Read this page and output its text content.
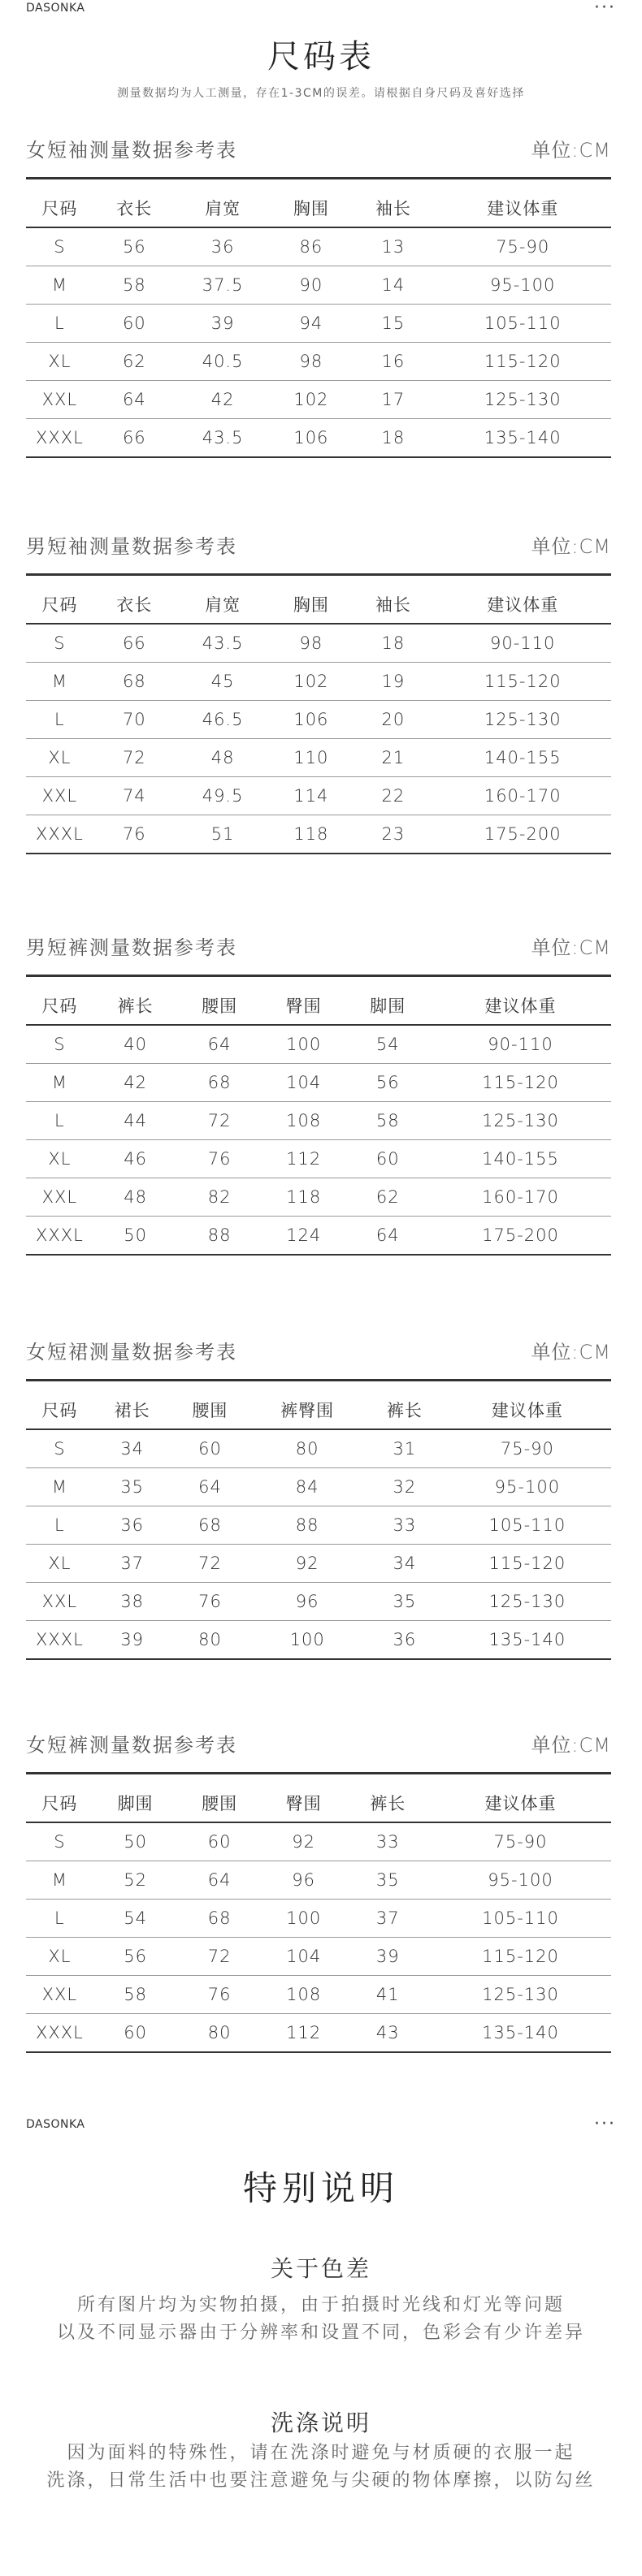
DASONKA	···
尺码表
测量数据均为人工测量，存在1-3CM的误差。请根据自身尺码及喜好选择
女短袖测量数据参考表	单位:CM
尺码	衣长	肩宽	胸围	袖长	建议体重
S	56	36	86	13	75-90
M	58	37.5	90	14	95-100
L	60	39	94	15	105-110
XL	62	40.5	98	16	115-120
XXL	64	42	102	17	125-130
XXXL	66	43.5	106	18	135-140
男短袖测量数据参考表	单位:CM
尺码	衣长	肩宽	胸围	袖长	建议体重
S	66	43.5	98	18	90-110
M	68	45	102	19	115-120
L	70	46.5	106	20	125-130
XL	72	48	110	21	140-155
XXL	74	49.5	114	22	160-170
XXXL	76	51	118	23	175-200
男短裤测量数据参考表	单位:CM
尺码	裤长	腰围	臀围	脚围	建议体重
S	40	64	100	54	90-110
M	42	68	104	56	115-120
L	44	72	108	58	125-130
XL	46	76	112	60	140-155
XXL	48	82	118	62	160-170
XXXL	50	88	124	64	175-200
女短裙测量数据参考表	单位:CM
尺码	裙长	腰围	裤臀围	裤长	建议体重
S	34	60	80	31	75-90
M	35	64	84	32	95-100
L	36	68	88	33	105-110
XL	37	72	92	34	115-120
XXL	38	76	96	35	125-130
XXXL	39	80	100	36	135-140
女短裤测量数据参考表	单位:CM
尺码	脚围	腰围	臀围	裤长	建议体重
S	50	60	92	33	75-90
M	52	64	96	35	95-100
L	54	68	100	37	105-110
XL	56	72	104	39	115-120
XXL	58	76	108	41	125-130
XXXL	60	80	112	43	135-140
DASONKA	···
特别说明
关于色差
所有图片均为实物拍摄，由于拍摄时光线和灯光等问题
以及不同显示器由于分辨率和设置不同，色彩会有少许差异
洗涤说明
因为面料的特殊性，请在洗涤时避免与材质硬的衣服一起
洗涤，日常生活中也要注意避免与尖硬的物体摩擦，以防勾丝
